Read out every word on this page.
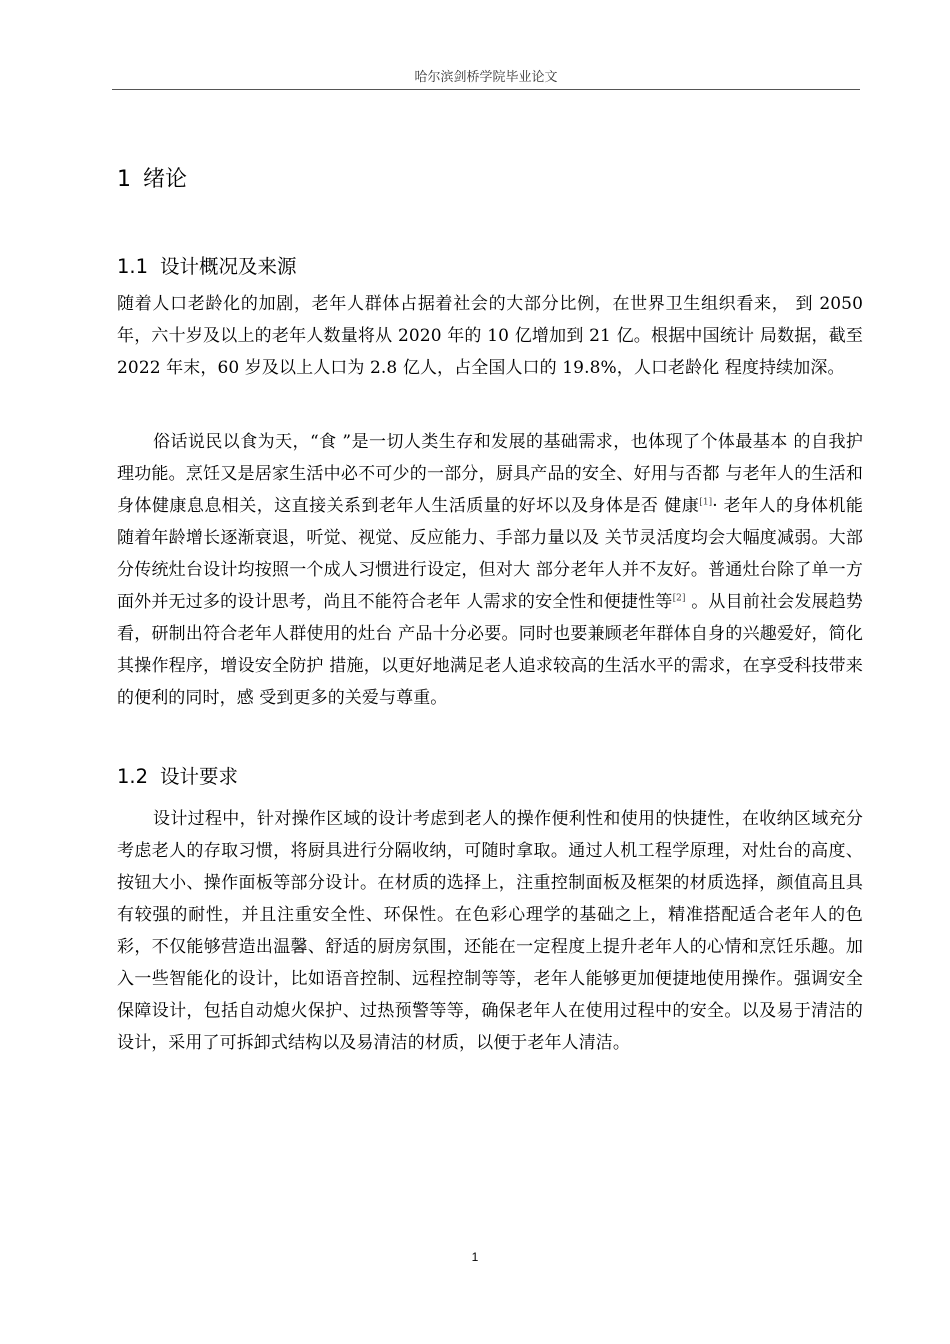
哈尔滨剑桥学院毕业论文
1 绪论
1.1 设计概况及来源

随着人口老龄化的加剧，老年人群体占据着社会的大部分比例，在世界卫生组织看来， 到 2050 年，六十岁及以上的老年人数量将从 2020 年的 10 亿增加到 21 亿。根据中国统计 局数据，截至 2022 年末，60 岁及以上人口为 2.8 亿人，占全国人口的 19.8%，人口老龄化 程度持续加深。

俗话说民以食为天，“食 ”是一切人类生存和发展的基础需求，也体现了个体最基本 的自我护理功能。烹饪又是居家生活中必不可少的一部分，厨具产品的安全、好用与否都 与老年人的生活和身体健康息息相关，这直接关系到老年人生活质量的好坏以及身体是否 健康[1]· 老年人的身体机能随着年龄增长逐渐衰退，听觉、视觉、反应能力、手部力量以及 关节灵活度均会大幅度减弱。大部分传统灶台设计均按照一个成人习惯进行设定，但对大 部分老年人并不友好。普通灶台除了单一方面外并无过多的设计思考，尚且不能符合老年 人需求的安全性和便捷性等[2] 。从目前社会发展趋势看，研制出符合老年人群使用的灶台 产品十分必要。同时也要兼顾老年群体自身的兴趣爱好，简化其操作程序，增设安全防护 措施，以更好地满足老人追求较高的生活水平的需求，在享受科技带来的便利的同时，感 受到更多的关爱与尊重。

1.2 设计要求

设计过程中，针对操作区域的设计考虑到老人的操作便利性和使用的快捷性，在收纳区域充分考虑老人的存取习惯，将厨具进行分隔收纳，可随时拿取。通过人机工程学原理，对灶台的高度、按钮大小、操作面板等部分设计。在材质的选择上，注重控制面板及框架的材质选择，颜值高且具有较强的耐性，并且注重安全性、环保性。在色彩心理学的基础之上，精准搭配适合老年人的色彩，不仅能够营造出温馨、舒适的厨房氛围，还能在一定程度上提升老年人的心情和烹饪乐趣。加入一些智能化的设计，比如语音控制、远程控制等等，老年人能够更加便捷地使用操作。强调安全保障设计，包括自动熄火保护、过热预警等等，确保老年人在使用过程中的安全。以及易于清洁的设计，采用了可拆卸式结构以及易清洁的材质，以便于老年人清洁。

1
